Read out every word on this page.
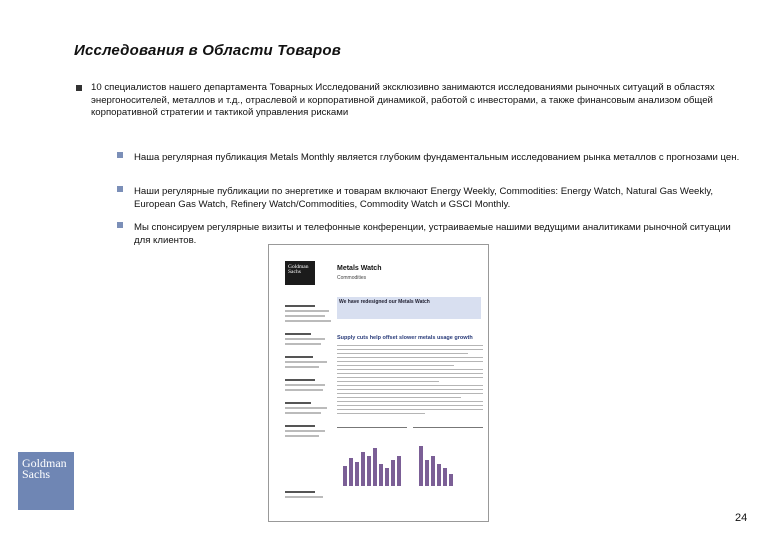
Исследования в Области Товаров
10 специалистов нашего департамента Товарных Исследований эксклюзивно занимаются исследованиями рыночных ситуаций в областях энергоносителей, металлов и т.д., отраслевой и корпоративной динамикой, работой с инвесторами, а также финансовым анализом общей корпоративной стратегии и тактикой управления рисками
Наша регулярная публикация Metals Monthly является глубоким фундаментальным исследованием рынка металлов с прогнозами цен.
Наши регулярные публикации по энергетике и товарам включают Energy Weekly, Commodities: Energy Watch, Natural Gas Weekly, European Gas Watch, Refinery Watch/Commodities, Commodity Watch и GSCI Monthly.
Мы спонсируем регулярные визиты и телефонные конференции, устраиваемые нашими ведущими аналитиками рыночной ситуации для клиентов.
Goldman
Sachs	Metals Watch
Commodities
We have redesigned our Metals Watch
Supply cuts help offset slower metals usage growth
Goldman
Sachs
24
